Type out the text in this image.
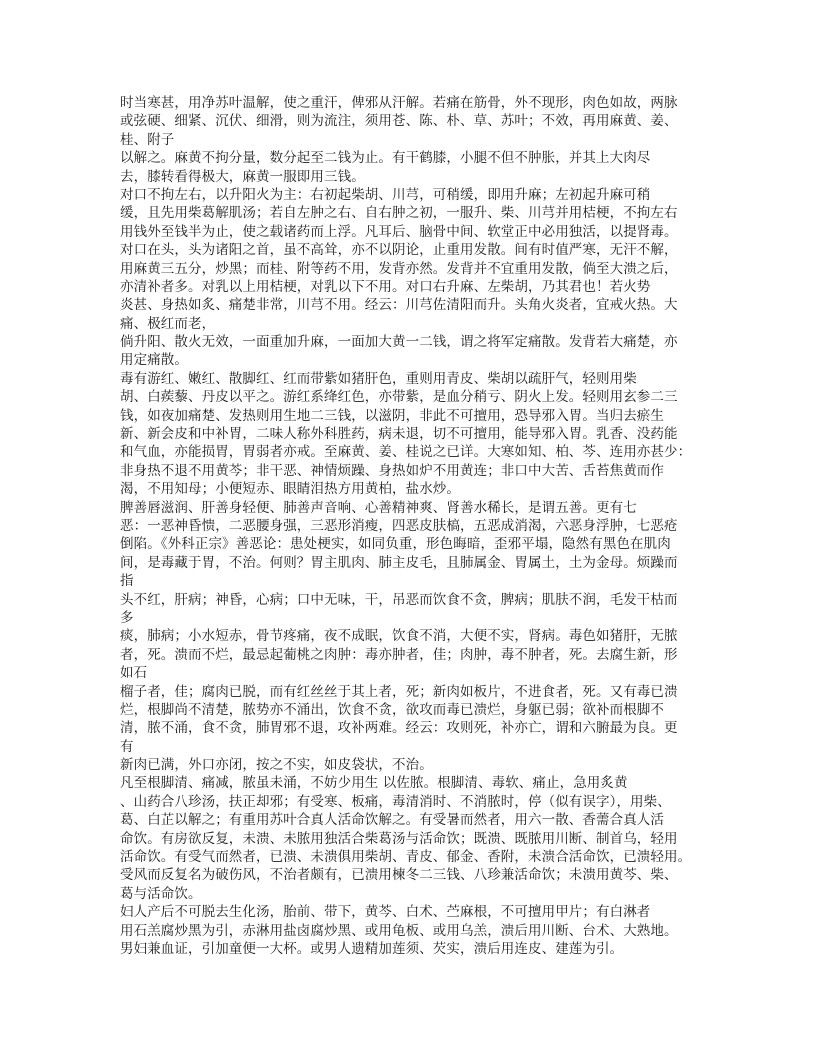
时当寒甚，用净苏叶温解，使之重汗，俾邪从汗解。若痛在筋骨，外不现形，肉色如故，两脉
或弦硬、细紧、沉伏、细滑，则为流注，须用苍、陈、朴、草、苏叶；不效，再用麻黄、姜、
桂、附子
以解之。麻黄不拘分量，数分起至二钱为止。有干鹤膝，小腿不但不肿胀，并其上大肉尽
去，膝转看得极大，麻黄一服即用三钱。
对口不拘左右，以升阳火为主：右初起柴胡、川芎，可稍缓，即用升麻；左初起升麻可稍
缓，且先用柴葛解肌汤；若自左肿之右、自右肿之初，一服升、柴、川芎并用桔梗，不拘左右
用钱外至钱半为止，使之载诸药而上浮。凡耳后、脑骨中间、软堂正中必用独活，以提肾毒。
对口在头，头为诸阳之首，虽不高耸，亦不以阴论，止重用发散。间有时值严寒，无汗不解，
用麻黄三五分，炒黑；而桂、附等药不用，发背亦然。发背并不宜重用发散，倘至大溃之后，
亦清补者多。对乳以上用桔梗，对乳以下不用。对口右升麻、左柴胡，乃其君也！若火势
炎甚、身热如炙、痛楚非常，川芎不用。经云：川芎佐清阳而升。头角火炎者，宜戒火热。大
痛、极红而老，
倘升阳、散火无效，一面重加升麻，一面加大黄一二钱，谓之将军定痛散。发背若大痛楚，亦
用定痛散。
毒有游红、嫩红、散脚红、红而带紫如猪肝色，重则用青皮、柴胡以疏肝气，轻则用柴
胡、白蒺藜、丹皮以平之。游红系绛红色，亦带紫，是血分稍亏、阴火上发。轻则用玄参二三
钱，如夜加痛楚、发热则用生地二三钱，以滋阴，非此不可擅用，恐导邪入胃。当归去瘀生
新、新会皮和中补胃，二味人称外科胜药，病未退，切不可擅用，能导邪入胃。乳香、没药能
和气血，亦能损胃，胃弱者亦戒。至麻黄、姜、桂说之已详。大寒如知、柏、芩、连用亦甚少：
非身热不退不用黄芩；非干恶、神情烦躁、身热如炉不用黄连；非口中大苦、舌苔焦黄而作
渴，不用知母；小便短赤、眼睛泪热方用黄柏，盐水炒。
脾善唇滋润、肝善身轻便、肺善声音响、心善精神爽、肾善水稀长，是谓五善。更有七
恶：一恶神昏愦，二恶腰身强，三恶形消瘦，四恶皮肤槁，五恶成消渴，六恶身浮肿，七恶疮
倒陷。《外科正宗》善恶论：患处梗实，如同负重，形色晦暗，歪邪平塌，隐然有黑色在肌肉
间，是毒藏于胃，不治。何则？胃主肌肉、肺主皮毛，且肺属金、胃属土，土为金母。烦躁而
指
头不红，肝病；神昏，心病；口中无味，干，吊恶而饮食不贪，脾病；肌肤不润，毛发干枯而
多
痰，肺病；小水短赤，骨节疼痛，夜不成眠，饮食不消，大便不实，肾病。毒色如猪肝，无脓
者，死。溃而不烂，最忌起葡桃之肉肿：毒亦肿者，佳；肉肿，毒不肿者，死。去腐生新，形
如石
榴子者，佳；腐肉已脱，而有红丝丝于其上者，死；新肉如板片，不进食者，死。又有毒已溃
烂，根脚尚不清楚，脓势亦不涌出，饮食不贪，欲攻而毒已溃烂，身躯已弱；欲补而根脚不
清，脓不涌，食不贪，肺胃邪不退，攻补两难。经云：攻则死，补亦亡，谓和六腑最为良。更
有
新肉已满，外口亦闭，按之不实，如皮袋状，不治。
凡至根脚清、痛减，脓虽未涌，不妨少用生 以佐脓。根脚清、毒软、痛止，急用炙黄
、山药合八珍汤，扶正却邪；有受寒、板痛，毒清消时、不消脓时，停（似有误字），用柴、
葛、白芷以解之；有重用苏叶合真人活命饮解之。有受暑而然者，用六一散、香薷合真人活
命饮。有房欲反复，未溃、未脓用独活合柴葛汤与活命饮；既溃、既脓用川断、制首乌，轻用
活命饮。有受气而然者，已溃、未溃俱用柴胡、青皮、郁金、香附，未溃合活命饮，已溃轻用。
受风而反复名为破伤风，不治者颇有，已溃用楝冬二三钱、八珍兼活命饮；未溃用黄芩、柴、
葛与活命饮。
妇人产后不可脱去生化汤，胎前、带下，黄芩、白术、苎麻根，不可擅用甲片；有白淋者
用石羔腐炒黑为引，赤淋用盐卤腐炒黑、或用龟板、或用乌羔，溃后用川断、台术、大熟地。
男妇兼血证，引加童便一大杯。或男人遗精加莲须、芡实，溃后用连皮、建莲为引。
